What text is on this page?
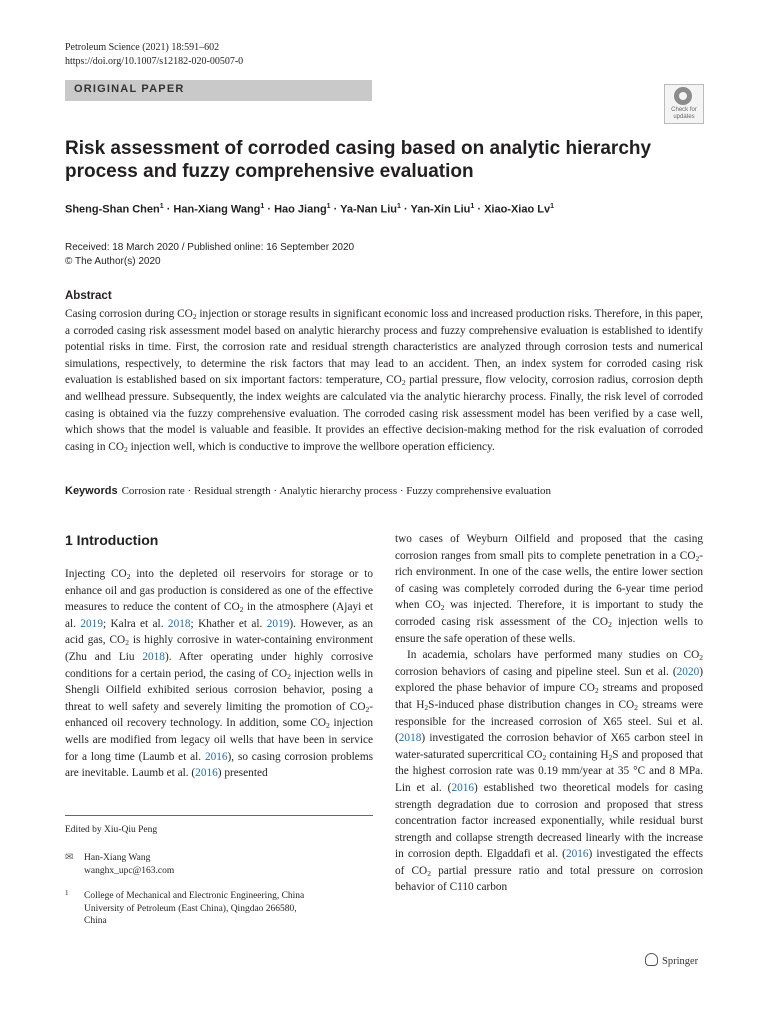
Petroleum Science (2021) 18:591–602
https://doi.org/10.1007/s12182-020-00507-0
ORIGINAL PAPER
Check for updates
Risk assessment of corroded casing based on analytic hierarchy
process and fuzzy comprehensive evaluation
Sheng-Shan Chen$^1$ · Han-Xiang Wang$^1$ · Hao Jiang$^1$ · Ya-Nan Liu$^1$ · Yan-Xin Liu$^1$ · Xiao-Xiao Lv$^1$
Received: 18 March 2020 / Published online: 16 September 2020
© The Author(s) 2020
Abstract
Casing corrosion during $CO_2$ injection or storage results in significant economic loss and increased production risks. Therefore, in this paper, a corroded casing risk assessment model based on analytic hierarchy process and fuzzy comprehensive evaluation is established to identify potential risks in time. First, the corrosion rate and residual strength characteristics are analyzed through corrosion tests and numerical simulations, respectively, to determine the risk factors that may lead to an accident. Then, an index system for corroded casing risk evaluation is established based on six important factors: temperature, $CO_2$ partial pressure, flow velocity, corrosion radius, corrosion depth and wellhead pressure. Subsequently, the index weights are calculated via the analytic hierarchy process. Finally, the risk level of corroded casing is obtained via the fuzzy comprehensive evaluation. The corroded casing risk assessment model has been verified by a case well, which shows that the model is valuable and feasible. It provides an effective decision-making method for the risk evaluation of corroded casing in $CO_2$ injection well, which is conductive to improve the wellbore operation efficiency.
Keywords Corrosion rate · Residual strength · Analytic hierarchy process · Fuzzy comprehensive evaluation
1 Introduction
Injecting $CO_2$ into the depleted oil reservoirs for storage or to enhance oil and gas production is considered as one of the effective measures to reduce the content of $CO_2$ in the atmosphere (Ajayi et al. 2019; Kalra et al. 2018; Khather et al. 2019). However, as an acid gas, $CO_2$ is highly corrosive in water-containing environment (Zhu and Liu 2018). After operating under highly corrosive conditions for a certain period, the casing of $CO_2$ injection wells in Shengli Oilfield exhibited serious corrosion behavior, posing a threat to well safety and severely limiting the promotion of $CO_2$-enhanced oil recovery technology. In addition, some $CO_2$ injection wells are modified from legacy oil wells that have been in service for a long time (Laumb et al. 2016), so casing corrosion problems are inevitable. Laumb et al. (2016) presented

two cases of Weyburn Oilfield and proposed that the casing corrosion ranges from small pits to complete penetration in a $CO_2$-rich environment. In one of the case wells, the entire lower section of casing was completely corroded during the 6-year time period when $CO_2$ was injected. Therefore, it is important to study the corroded casing risk assessment of the $CO_2$ injection wells to ensure the safe operation of these wells.

In academia, scholars have performed many studies on $CO_2$ corrosion behaviors of casing and pipeline steel. Sun et al. (2020) explored the phase behavior of impure $CO_2$ streams and proposed that $H_2S$-induced phase distribution changes in $CO_2$ streams were responsible for the increased corrosion of X65 steel. Sui et al. (2018) investigated the corrosion behavior of X65 carbon steel in water-saturated supercritical $CO_2$ containing $H_2S$ and proposed that the highest corrosion rate was 0.19 mm/year at 35 °C and 8 MPa. Lin et al. (2016) established two theoretical models for casing strength degradation due to corrosion and proposed that stress concentration factor increased exponentially, while residual burst strength and collapse strength decreased linearly with the increase in corrosion depth. Elgaddafi et al. (2016) investigated the effects of $CO_2$ partial pressure ratio and total pressure on corrosion behavior of C110 carbon

Edited by Xiu-Qiu Peng
✉ Han-Xiang Wang
wanghx_upc@163.com
1 College of Mechanical and Electronic Engineering, China
University of Petroleum (East China), Qingdao 266580,
China
Springer
